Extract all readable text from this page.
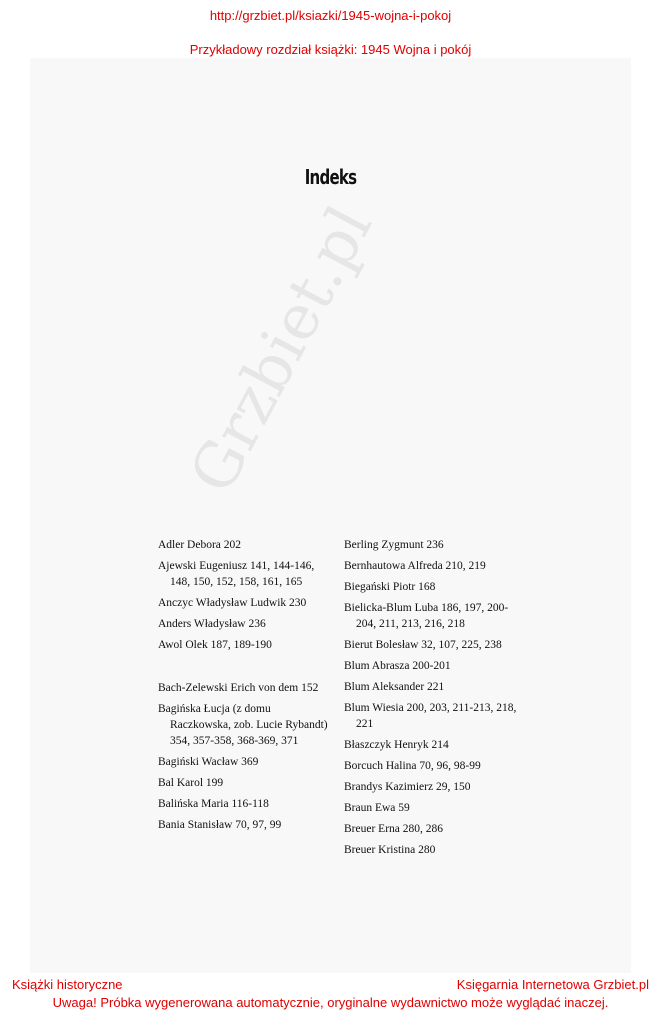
http://grzbiet.pl/ksiazki/1945-wojna-i-pokoj
Przykładowy rozdział książki: 1945 Wojna i pokój
Indeks
Adler Debora 202
Ajewski Eugeniusz 141, 144-146, 148, 150, 152, 158, 161, 165
Anczyc Władysław Ludwik 230
Anders Władysław 236
Awol Olek 187, 189-190
Bach-Zelewski Erich von dem 152
Bagińska Łucja (z domu Raczkowska, zob. Lucie Rybandt) 354, 357-358, 368-369, 371
Bagiński Wacław 369
Bal Karol 199
Balińska Maria 116-118
Bania Stanisław 70, 97, 99
Berling Zygmunt 236
Bernhautowa Alfreda 210, 219
Biegański Piotr 168
Bielicka-Blum Luba 186, 197, 200-204, 211, 213, 216, 218
Bierut Bolesław 32, 107, 225, 238
Blum Abrasza 200-201
Blum Aleksander 221
Blum Wiesia 200, 203, 211-213, 218, 221
Błaszczyk Henryk 214
Borcuch Halina 70, 96, 98-99
Brandys Kazimierz 29, 150
Braun Ewa 59
Breuer Erna 280, 286
Breuer Kristina 280
Książki historyczne	Księgarnia Internetowa Grzbiet.pl
Uwaga! Próbka wygenerowana automatycznie, oryginalne wydawnictwo może wyglądać inaczej.
